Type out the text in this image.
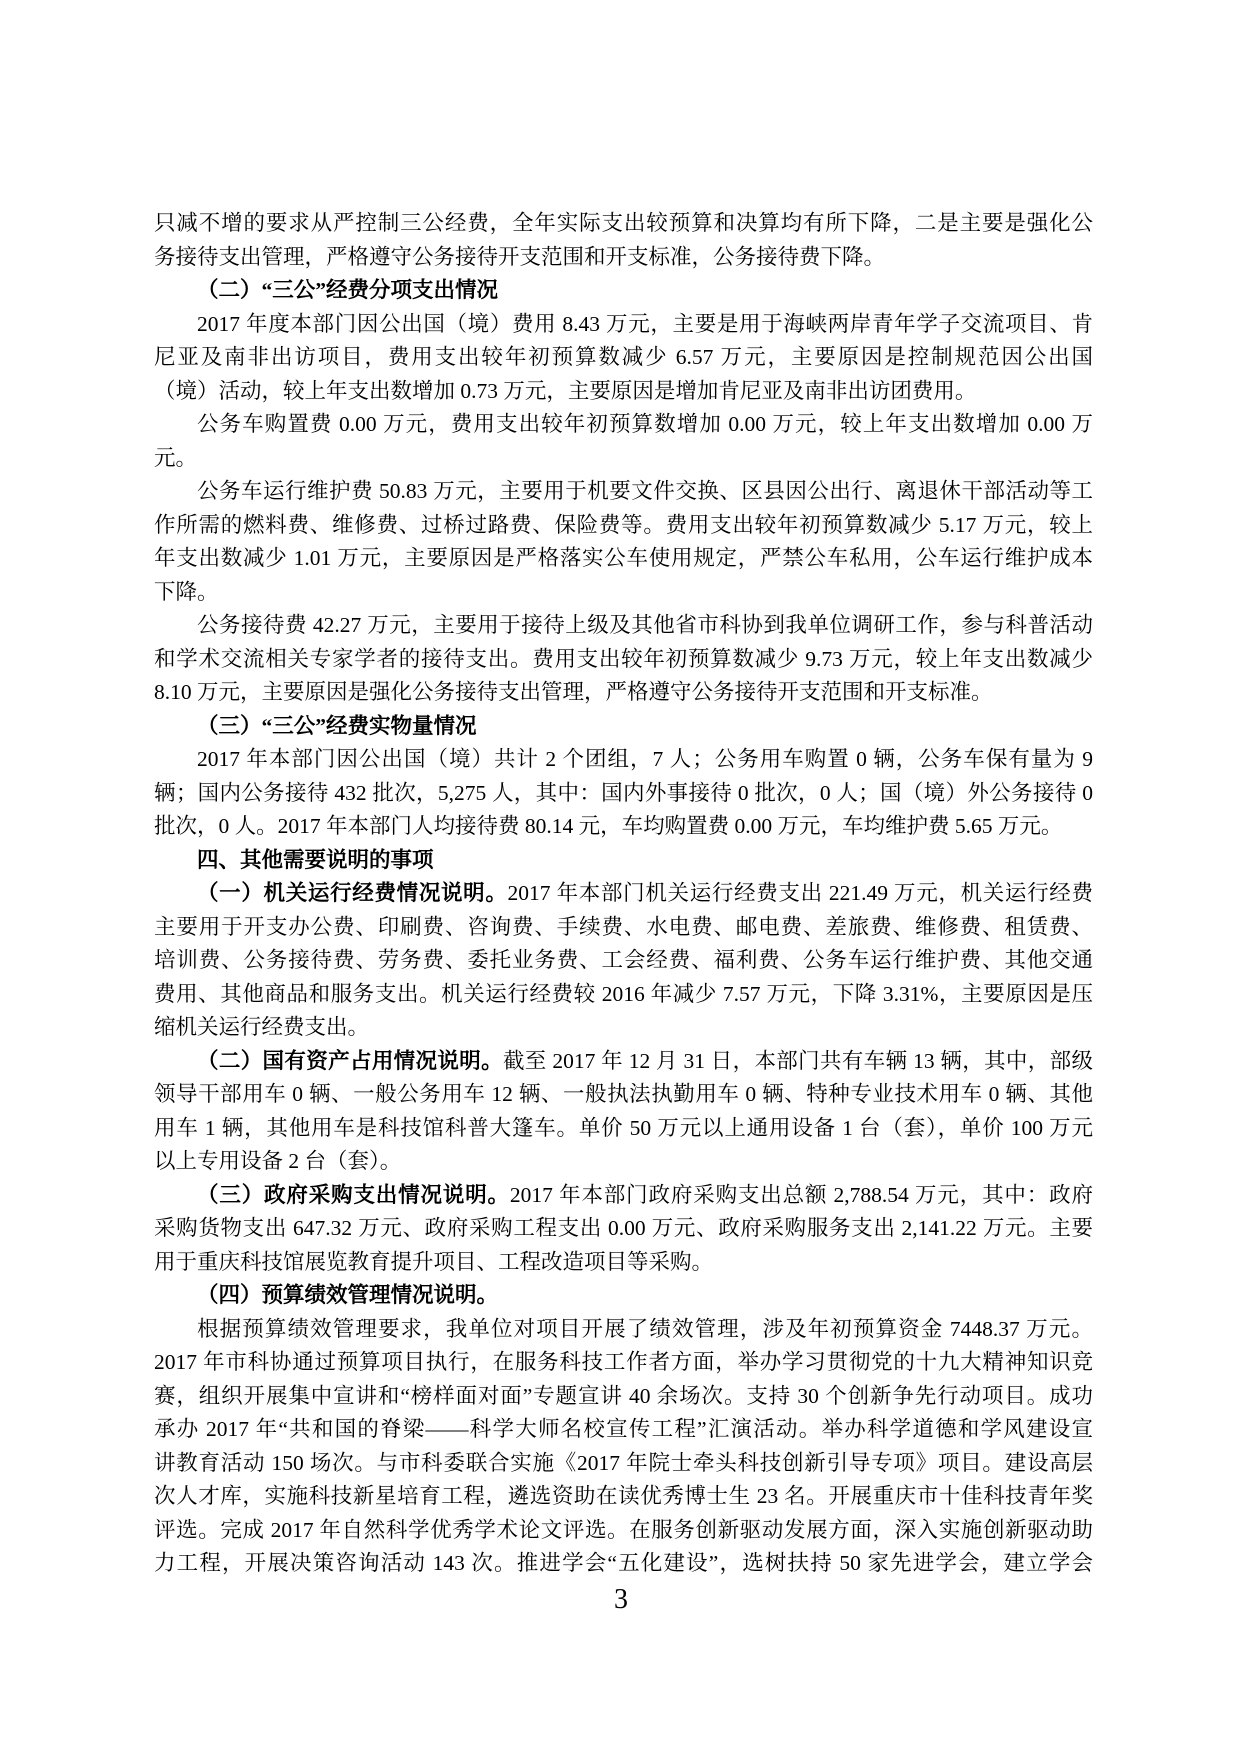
只减不增的要求从严控制三公经费，全年实际支出较预算和决算均有所下降，二是主要是强化公
务接待支出管理，严格遵守公务接待开支范围和开支标准，公务接待费下降。
（二）“三公”经费分项支出情况
2017 年度本部门因公出国（境）费用 8.43 万元，主要是用于海峡两岸青年学子交流项目、肯
尼亚及南非出访项目，费用支出较年初预算数减少 6.57 万元，主要原因是控制规范因公出国
（境）活动，较上年支出数增加 0.73 万元，主要原因是增加肯尼亚及南非出访团费用。
公务车购置费 0.00 万元，费用支出较年初预算数增加 0.00 万元，较上年支出数增加 0.00 万
元。
公务车运行维护费 50.83 万元，主要用于机要文件交换、区县因公出行、离退休干部活动等工
作所需的燃料费、维修费、过桥过路费、保险费等。费用支出较年初预算数减少 5.17 万元，较上
年支出数减少 1.01 万元，主要原因是严格落实公车使用规定，严禁公车私用，公车运行维护成本
下降。
公务接待费 42.27 万元，主要用于接待上级及其他省市科协到我单位调研工作，参与科普活动
和学术交流相关专家学者的接待支出。费用支出较年初预算数减少 9.73 万元，较上年支出数减少
8.10 万元，主要原因是强化公务接待支出管理，严格遵守公务接待开支范围和开支标准。
（三）“三公”经费实物量情况
2017 年本部门因公出国（境）共计 2 个团组，7 人；公务用车购置 0 辆，公务车保有量为 9
辆；国内公务接待 432 批次，5,275 人，其中：国内外事接待 0 批次，0 人；国（境）外公务接待 0
批次，0 人。2017 年本部门人均接待费 80.14 元，车均购置费 0.00 万元，车均维护费 5.65 万元。
四、其他需要说明的事项
（一）机关运行经费情况说明。2017 年本部门机关运行经费支出 221.49 万元，机关运行经费
主要用于开支办公费、印刷费、咨询费、手续费、水电费、邮电费、差旅费、维修费、租赁费、
培训费、公务接待费、劳务费、委托业务费、工会经费、福利费、公务车运行维护费、其他交通
费用、其他商品和服务支出。机关运行经费较 2016 年减少 7.57 万元，下降 3.31%，主要原因是压
缩机关运行经费支出。
（二）国有资产占用情况说明。截至 2017 年 12 月 31 日，本部门共有车辆 13 辆，其中，部级
领导干部用车 0 辆、一般公务用车 12 辆、一般执法执勤用车 0 辆、特种专业技术用车 0 辆、其他
用车 1 辆，其他用车是科技馆科普大篷车。单价 50 万元以上通用设备 1 台（套），单价 100 万元
以上专用设备 2 台（套）。
（三）政府采购支出情况说明。2017 年本部门政府采购支出总额 2,788.54 万元，其中：政府
采购货物支出 647.32 万元、政府采购工程支出 0.00 万元、政府采购服务支出 2,141.22 万元。主要
用于重庆科技馆展览教育提升项目、工程改造项目等采购。
（四）预算绩效管理情况说明。
根据预算绩效管理要求，我单位对项目开展了绩效管理，涉及年初预算资金 7448.37 万元。
2017 年市科协通过预算项目执行，在服务科技工作者方面，举办学习贯彻党的十九大精神知识竞
赛，组织开展集中宣讲和“榜样面对面”专题宣讲 40 余场次。支持 30 个创新争先行动项目。成功
承办 2017 年“共和国的脊梁——科学大师名校宣传工程”汇演活动。举办科学道德和学风建设宣
讲教育活动 150 场次。与市科委联合实施《2017 年院士牵头科技创新引导专项》项目。建设高层
次人才库，实施科技新星培育工程，遴选资助在读优秀博士生 23 名。开展重庆市十佳科技青年奖
评选。完成 2017 年自然科学优秀学术论文评选。在服务创新驱动发展方面，深入实施创新驱动助
力工程，开展决策咨询活动 143 次。推进学会“五化建设”，选树扶持 50 家先进学会，建立学会
3
